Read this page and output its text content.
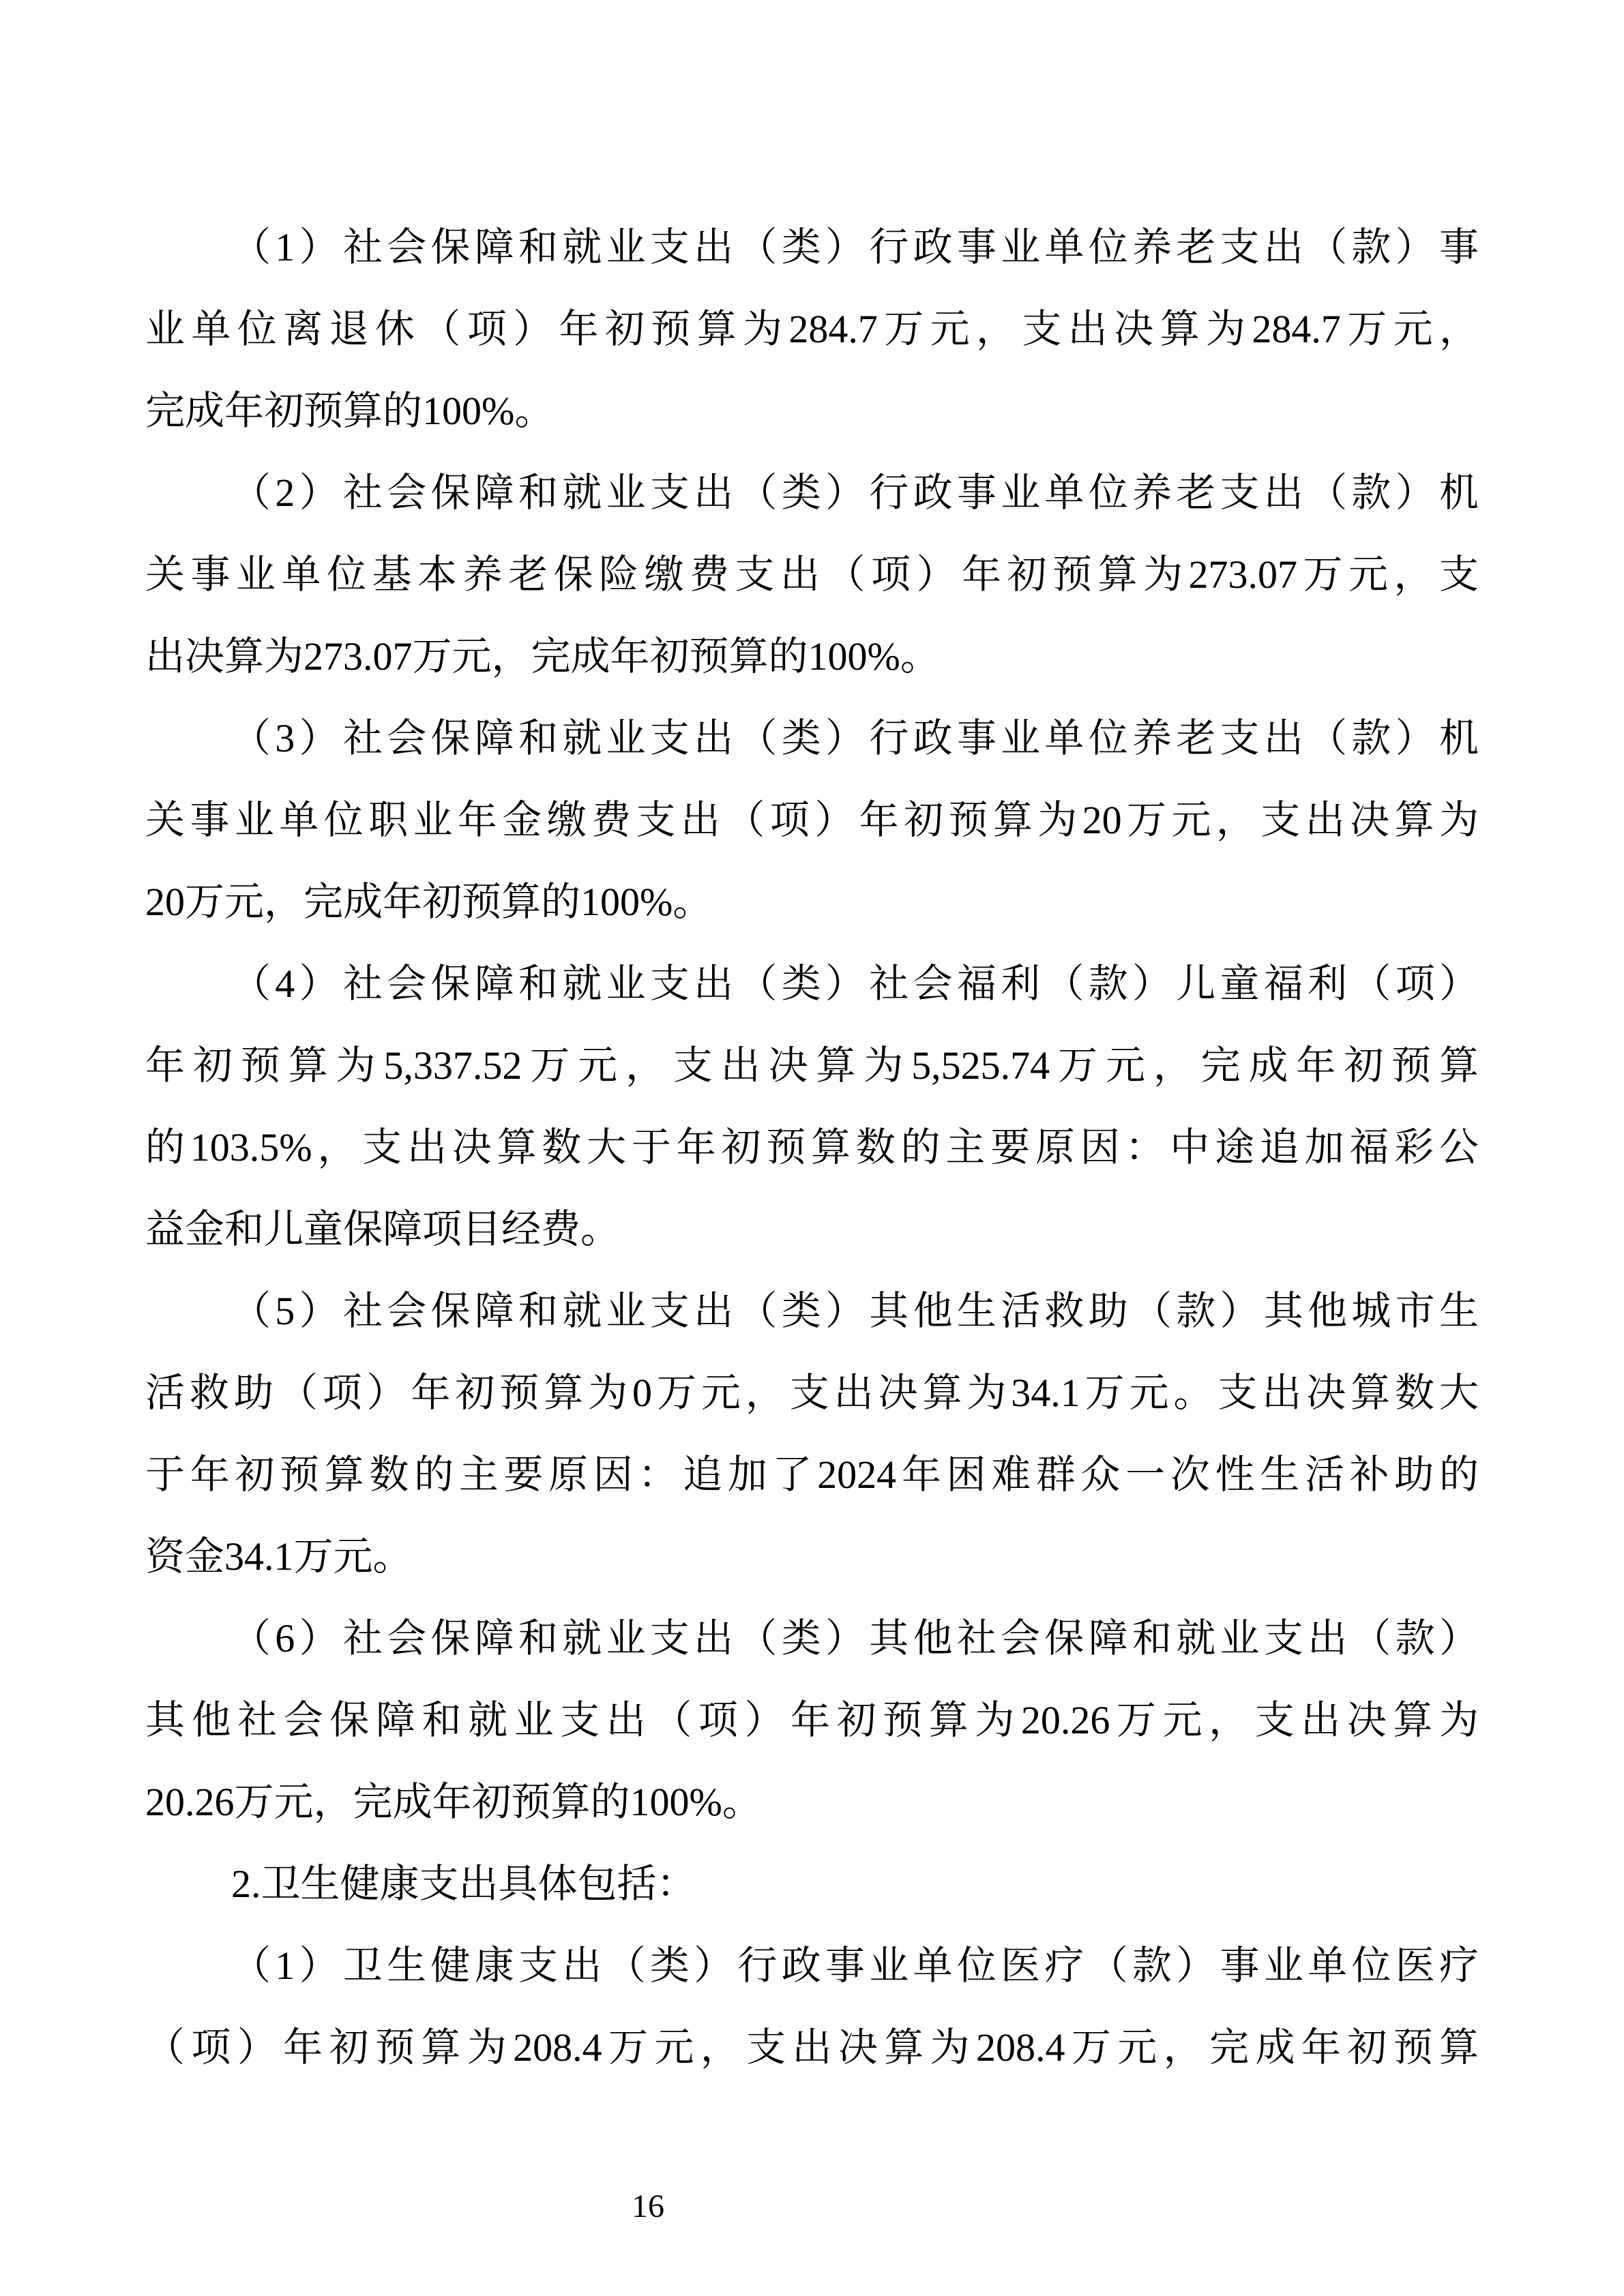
（1）社会保障和就业支出（类）行政事业单位养老支出（款）事
业单位离退休（项）年初预算为284.7万元，支出决算为284.7万元，
完成年初预算的100%。
（2）社会保障和就业支出（类）行政事业单位养老支出（款）机
关事业单位基本养老保险缴费支出（项）年初预算为273.07万元，支
出决算为273.07万元，完成年初预算的100%。
（3）社会保障和就业支出（类）行政事业单位养老支出（款）机
关事业单位职业年金缴费支出（项）年初预算为20万元，支出决算为
20万元，完成年初预算的100%。
（4）社会保障和就业支出（类）社会福利（款）儿童福利（项）
年初预算为5,337.52万元，支出决算为5,525.74万元，完成年初预算
的103.5%，支出决算数大于年初预算数的主要原因：中途追加福彩公
益金和儿童保障项目经费。
（5）社会保障和就业支出（类）其他生活救助（款）其他城市生
活救助（项）年初预算为0万元，支出决算为34.1万元。支出决算数大
于年初预算数的主要原因：追加了2024年困难群众一次性生活补助的
资金34.1万元。
（6）社会保障和就业支出（类）其他社会保障和就业支出（款）
其他社会保障和就业支出（项）年初预算为20.26万元，支出决算为
20.26万元，完成年初预算的100%。
2.卫生健康支出具体包括：
（1）卫生健康支出（类）行政事业单位医疗（款）事业单位医疗
（项）年初预算为208.4万元，支出决算为208.4万元，完成年初预算
16
